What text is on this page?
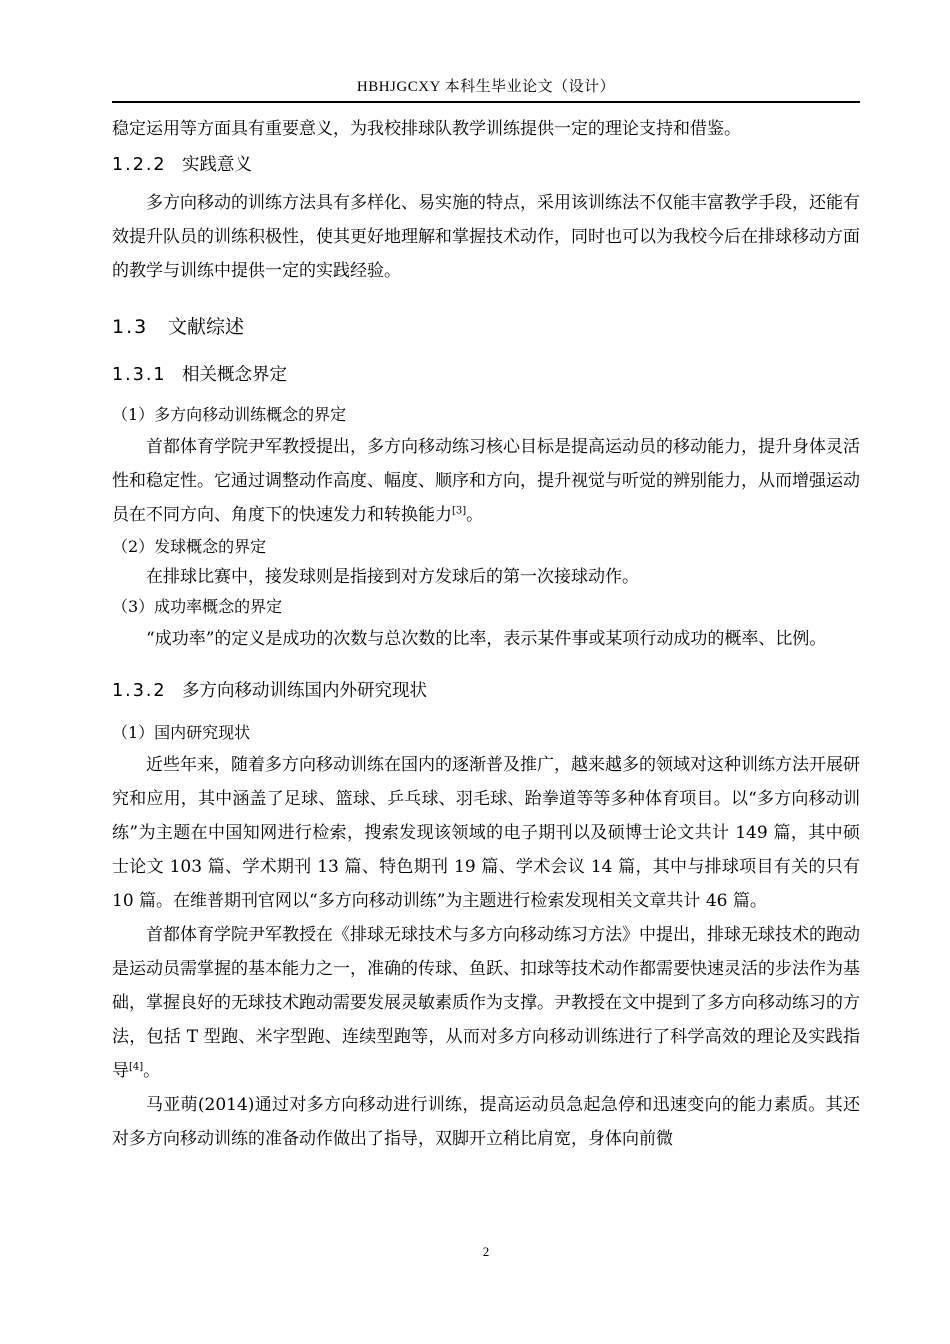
HBHJGCXY 本科生毕业论文（设计）

稳定运用等方面具有重要意义，为我校排球队教学训练提供一定的理论支持和借鉴。

1.2.2 实践意义

多方向移动的训练方法具有多样化、易实施的特点，采用该训练法不仅能丰富教学手段，还能有效提升队员的训练积极性，使其更好地理解和掌握技术动作，同时也可以为我校今后在排球移动方面的教学与训练中提供一定的实践经验。

1.3 文献综述
1.3.1 相关概念界定

（1）多方向移动训练概念的界定

首都体育学院尹军教授提出，多方向移动练习核心目标是提高运动员的移动能力，提升身体灵活性和稳定性。它通过调整动作高度、幅度、顺序和方向，提升视觉与听觉的辨别能力，从而增强运动员在不同方向、角度下的快速发力和转换能力[3]。

（2）发球概念的界定

在排球比赛中，接发球则是指接到对方发球后的第一次接球动作。

（3）成功率概念的界定

“成功率”的定义是成功的次数与总次数的比率，表示某件事或某项行动成功的概率、比例。

1.3.2 多方向移动训练国内外研究现状

（1）国内研究现状

近些年来，随着多方向移动训练在国内的逐渐普及推广，越来越多的领域对这种训练方法开展研究和应用，其中涵盖了足球、篮球、乒乓球、羽毛球、跆拳道等等多种体育项目。以“多方向移动训练”为主题在中国知网进行检索，搜索发现该领域的电子期刊以及硕博士论文共计 149 篇，其中硕士论文 103 篇、学术期刊 13 篇、特色期刊 19 篇、学术会议 14 篇，其中与排球项目有关的只有 10 篇。在维普期刊官网以“多方向移动训练”为主题进行检索发现相关文章共计 46 篇。

首都体育学院尹军教授在《排球无球技术与多方向移动练习方法》中提出，排球无球技术的跑动是运动员需掌握的基本能力之一，准确的传球、鱼跃、扣球等技术动作都需要快速灵活的步法作为基础，掌握良好的无球技术跑动需要发展灵敏素质作为支撑。尹教授在文中提到了多方向移动练习的方法，包括 T 型跑、米字型跑、连续型跑等，从而对多方向移动训练进行了科学高效的理论及实践指导[4]。

马亚萌(2014)通过对多方向移动进行训练，提高运动员急起急停和迅速变向的能力素质。其还对多方向移动训练的准备动作做出了指导，双脚开立稍比肩宽，身体向前微

2
